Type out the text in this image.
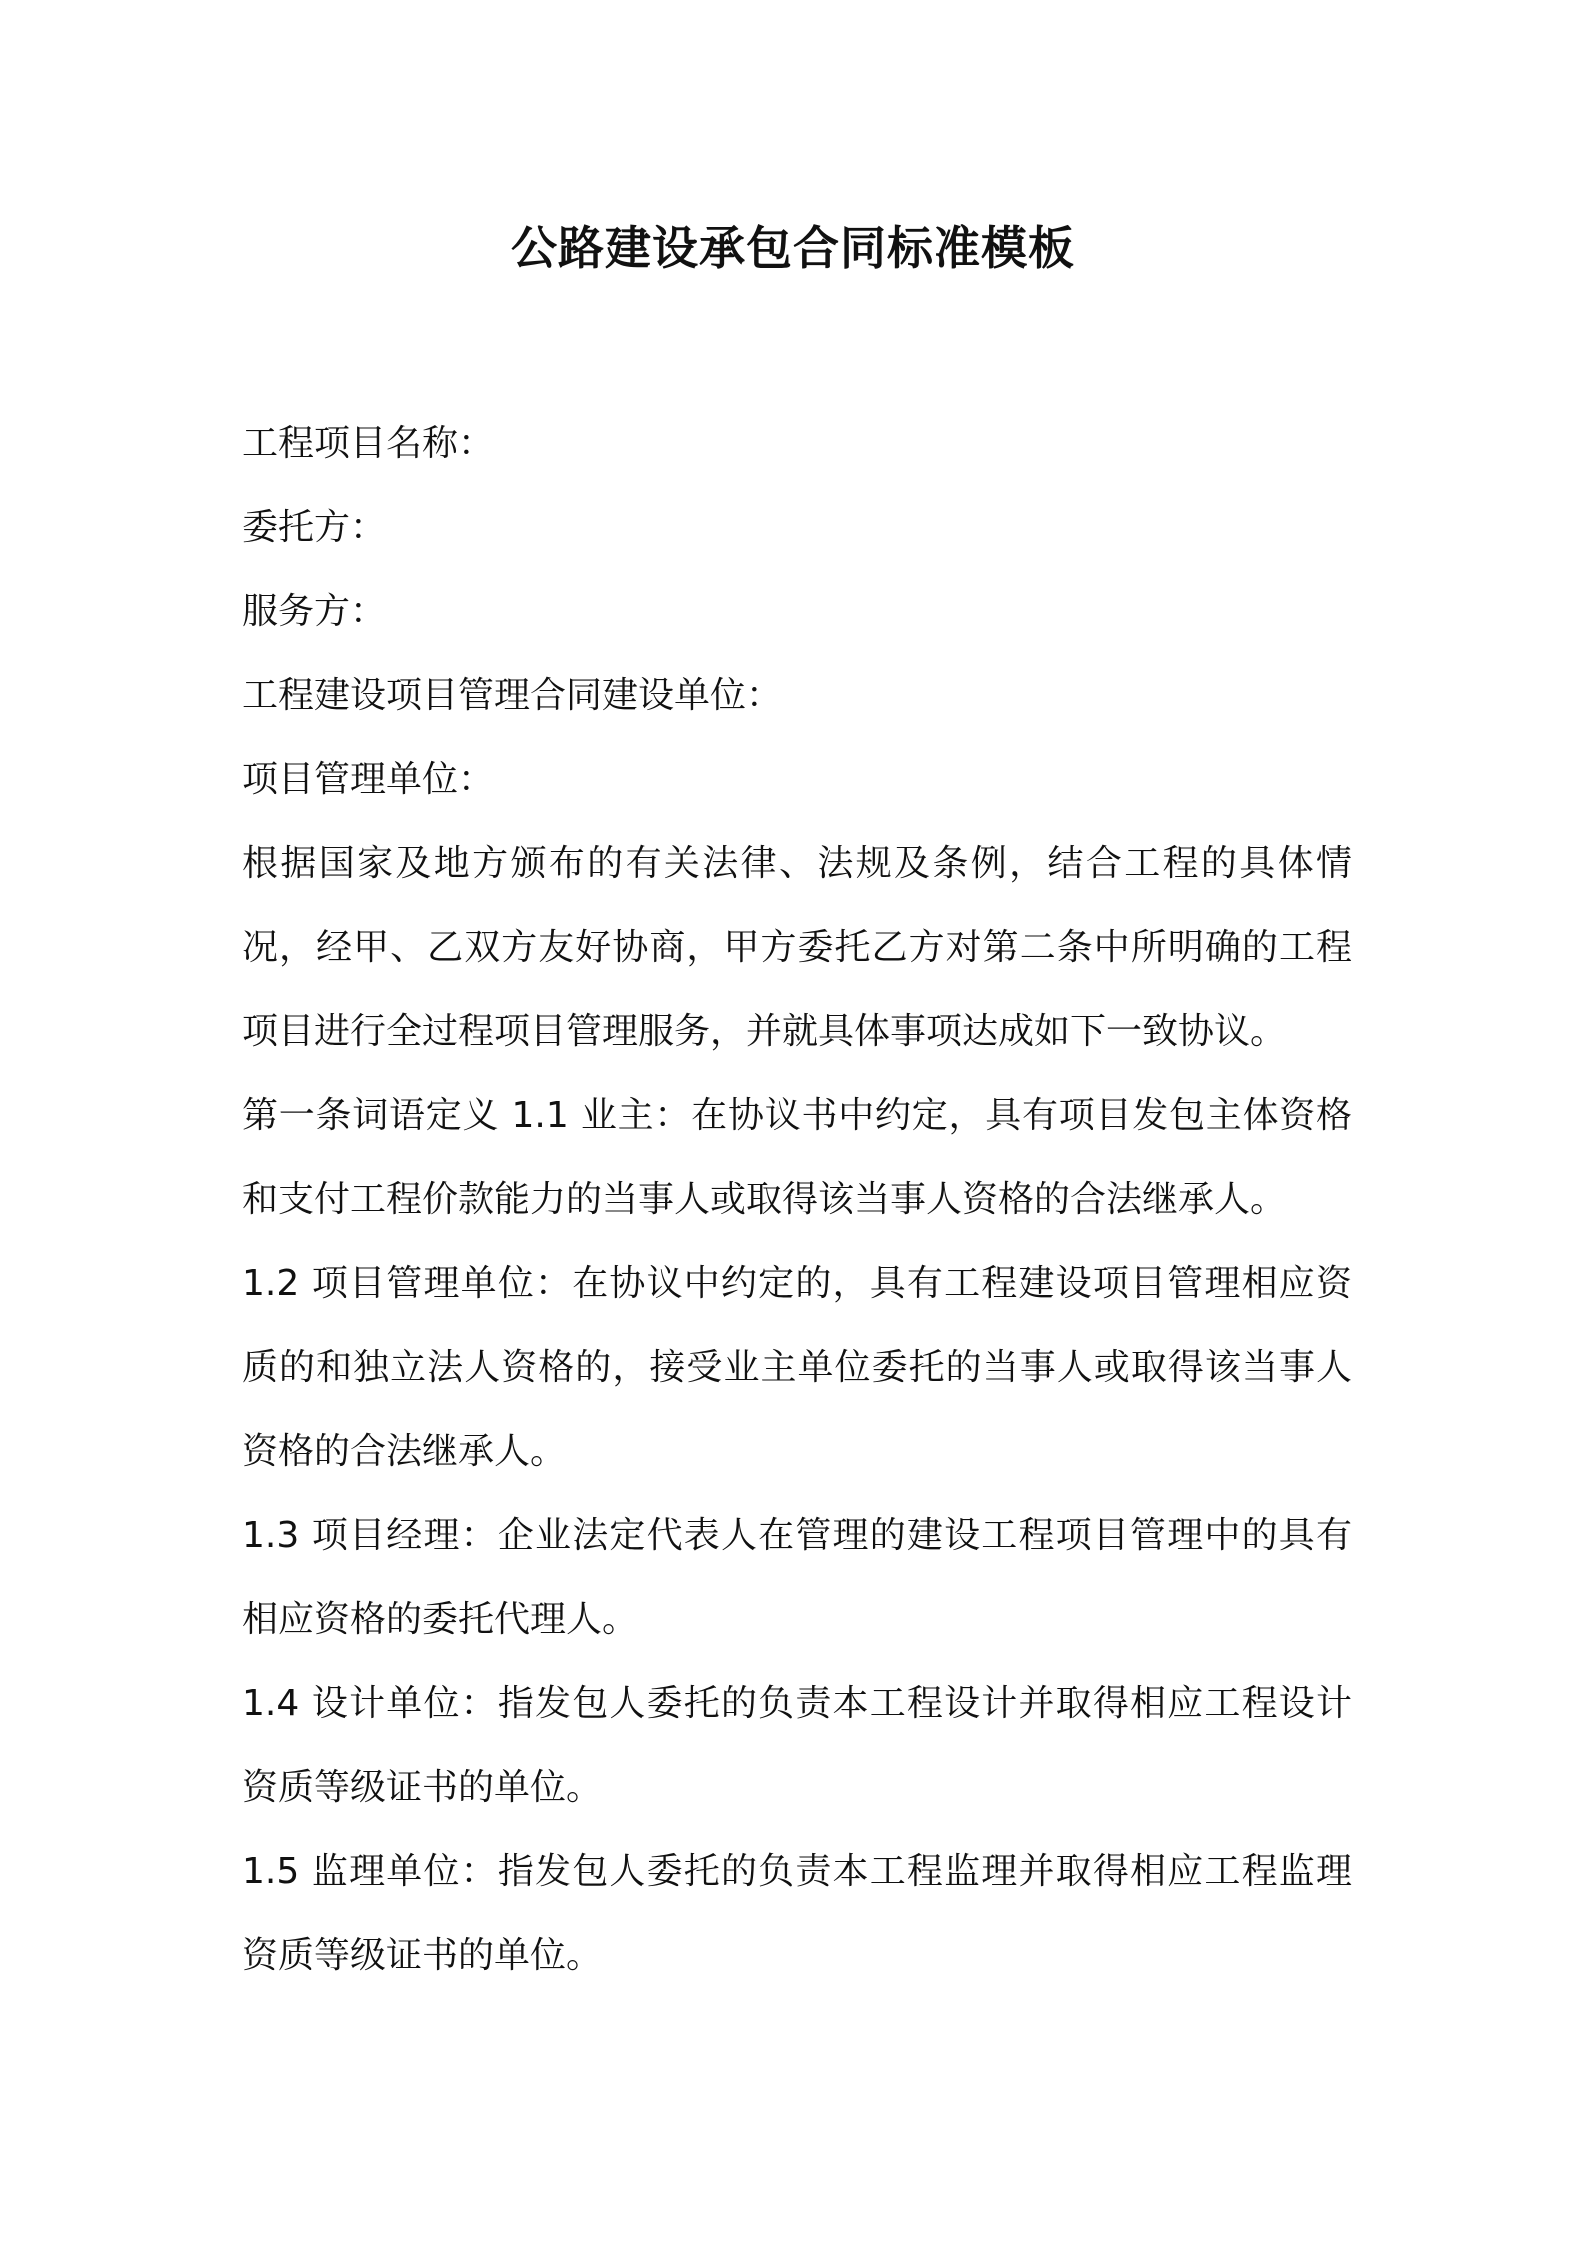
公路建设承包合同标准模板

工程项目名称：

委托方：

服务方：

工程建设项目管理合同建设单位：

项目管理单位：

根据国家及地方颁布的有关法律、法规及条例，结合工程的具体情况，经甲、乙双方友好协商，甲方委托乙方对第二条中所明确的工程项目进行全过程项目管理服务，并就具体事项达成如下一致协议。

第一条词语定义 1.1 业主：在协议书中约定，具有项目发包主体资格和支付工程价款能力的当事人或取得该当事人资格的合法继承人。

1.2 项目管理单位：在协议中约定的，具有工程建设项目管理相应资质的和独立法人资格的，接受业主单位委托的当事人或取得该当事人资格的合法继承人。

1.3 项目经理：企业法定代表人在管理的建设工程项目管理中的具有相应资格的委托代理人。

1.4 设计单位：指发包人委托的负责本工程设计并取得相应工程设计资质等级证书的单位。

1.5 监理单位：指发包人委托的负责本工程监理并取得相应工程监理资质等级证书的单位。
